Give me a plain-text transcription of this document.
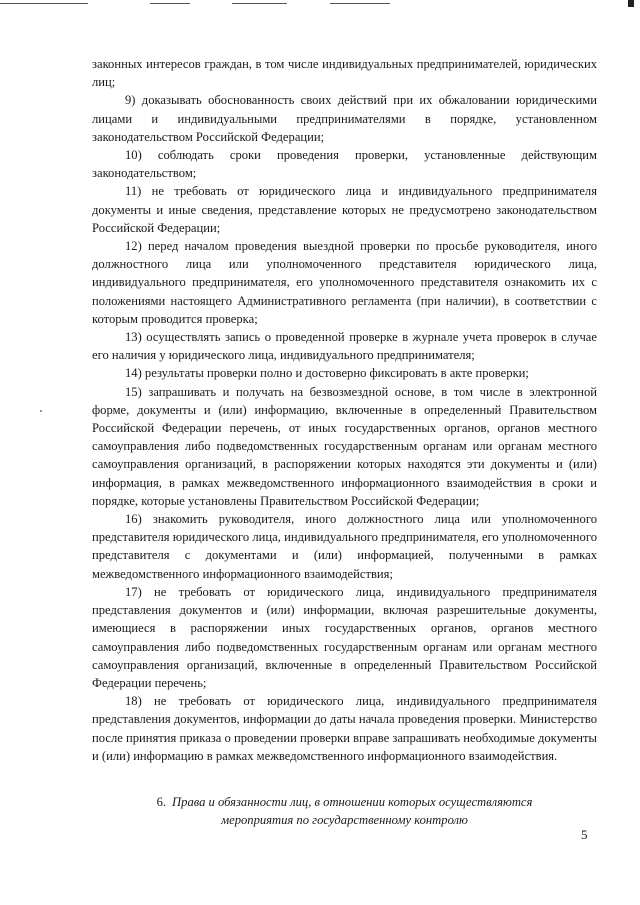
законных интересов граждан, в том числе индивидуальных предпринимателей, юридических лиц;

9) доказывать обоснованность своих действий при их обжаловании юридическими лицами и индивидуальными предпринимателями в порядке, установленном законодательством Российской Федерации;

10) соблюдать сроки проведения проверки, установленные действующим законодательством;

11) не требовать от юридического лица и индивидуального предпринимателя документы и иные сведения, представление которых не предусмотрено законодательством Российской Федерации;

12) перед началом проведения выездной проверки по просьбе руководителя, иного должностного лица или уполномоченного представителя юридического лица, индивидуального предпринимателя, его уполномоченного представителя ознакомить их с положениями настоящего Административного регламента (при наличии), в соответствии с которым проводится проверка;

13) осуществлять запись о проведенной проверке в журнале учета проверок в случае его наличия у юридического лица, индивидуального предпринимателя;

14) результаты проверки полно и достоверно фиксировать в акте проверки;

15) запрашивать и получать на безвозмездной основе, в том числе в электронной форме, документы и (или) информацию, включенные в определенный Правительством Российской Федерации перечень, от иных государственных органов, органов местного самоуправления либо подведомственных государственным органам или органам местного самоуправления организаций, в распоряжении которых находятся эти документы и (или) информация, в рамках межведомственного информационного взаимодействия в сроки и порядке, которые установлены Правительством Российской Федерации;

16) знакомить руководителя, иного должностного лица или уполномоченного представителя юридического лица, индивидуального предпринимателя, его уполномоченного представителя с документами и (или) информацией, полученными в рамках межведомственного информационного взаимодействия;

17) не требовать от юридического лица, индивидуального предпринимателя представления документов и (или) информации, включая разрешительные документы, имеющиеся в распоряжении иных государственных органов, органов местного самоуправления либо подведомственных государственным органам или органам местного самоуправления организаций, включенные в определенный Правительством Российской Федерации перечень;

18) не требовать от юридического лица, индивидуального предпринимателя представления документов, информации до даты начала проведения проверки. Министерство после принятия приказа о проведении проверки вправе запрашивать необходимые документы и (или) информацию в рамках межведомственного информационного взаимодействия.

6. Права и обязанности лиц, в отношении которых осуществляются
мероприятия по государственному контролю
5
